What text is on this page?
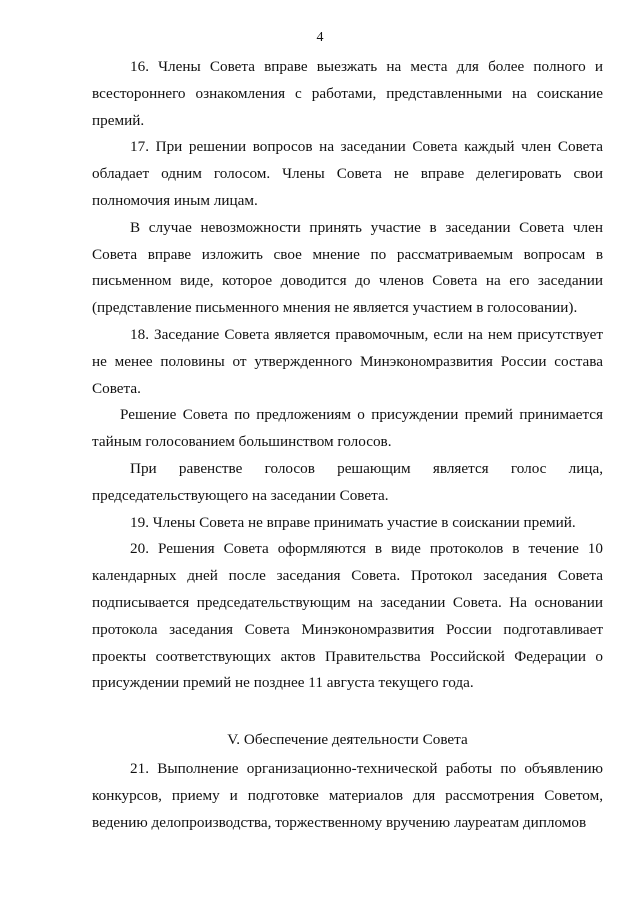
4

16. Члены Совета вправе выезжать на места для более полного и всестороннего ознакомления с работами, представленными на соискание премий.

17. При решении вопросов на заседании Совета каждый член Совета обладает одним голосом. Члены Совета не вправе делегировать свои полномочия иным лицам.

В случае невозможности принять участие в заседании Совета член Совета вправе изложить свое мнение по рассматриваемым вопросам в письменном виде, которое доводится до членов Совета на его заседании (представление письменного мнения не является участием в голосовании).

18. Заседание Совета является правомочным, если на нем присутствует не менее половины от утвержденного Минэкономразвития России состава Совета.

Решение Совета по предложениям о присуждении премий принимается тайным голосованием большинством голосов.

При равенстве голосов решающим является голос лица, председательствующего на заседании Совета.

19. Члены Совета не вправе принимать участие в соискании премий.

20. Решения Совета оформляются в виде протоколов в течение 10 календарных дней после заседания Совета. Протокол заседания Совета подписывается председательствующим на заседании Совета. На основании протокола заседания Совета Минэкономразвития России подготавливает проекты соответствующих актов Правительства Российской Федерации о присуждении премий не позднее 11 августа текущего года.

V. Обеспечение деятельности Совета

21. Выполнение организационно-технической работы по объявлению конкурсов, приему и подготовке материалов для рассмотрения Советом, ведению делопроизводства, торжественному вручению лауреатам дипломов
